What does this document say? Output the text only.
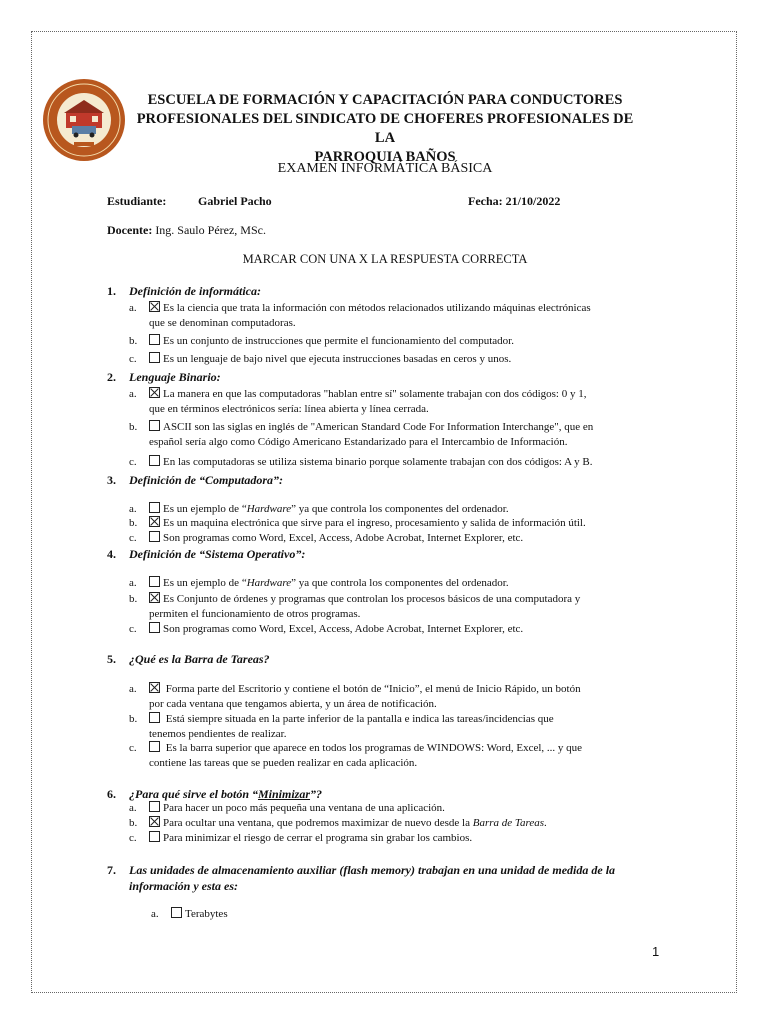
ESCUELA DE FORMACIÓN Y CAPACITACIÓN PARA CONDUCTORES
PROFESIONALES DEL SINDICATO DE CHOFERES PROFESIONALES DE LA
PARROQUIA BAÑOS
EXAMEN INFORMÁTICA BÁSICA
Estudiante:	Gabriel Pacho	Fecha: 21/10/2022
Docente: Ing. Saulo Pérez, MSc.
MARCAR CON UNA X LA RESPUESTA CORRECTA
1. Definición de informática:
a. Es la ciencia que trata la información con métodos relacionados utilizando máquinas electrónicas
que se denominan computadoras.
b. Es un conjunto de instrucciones que permite el funcionamiento del computador.
c. Es un lenguaje de bajo nivel que ejecuta instrucciones basadas en ceros y unos.
2. Lenguaje Binario:
a. La manera en que las computadoras "hablan entre sí" solamente trabajan con dos códigos: 0 y 1,
que en términos electrónicos sería: línea abierta y línea cerrada.
b. ASCII son las siglas en inglés de "American Standard Code For Information Interchange", que en
español sería algo como Código Americano Estandarizado para el Intercambio de Información.
c. En las computadoras se utiliza sistema binario porque solamente trabajan con dos códigos: A y B.
3. Definición de “Computadora”:
a. Es un ejemplo de “Hardware” ya que controla los componentes del ordenador.
b. Es un maquina electrónica que sirve para el ingreso, procesamiento y salida de información útil.
c. Son programas como Word, Excel, Access, Adobe Acrobat, Internet Explorer, etc.
4. Definición de “Sistema Operativo”:
a. Es un ejemplo de “Hardware” ya que controla los componentes del ordenador.
b. Es Conjunto de órdenes y programas que controlan los procesos básicos de una computadora y
permiten el funcionamiento de otros programas.
c. Son programas como Word, Excel, Access, Adobe Acrobat, Internet Explorer, etc.
5. ¿Qué es la Barra de Tareas?
a. Forma parte del Escritorio y contiene el botón de “Inicio”, el menú de Inicio Rápido, un botón
por cada ventana que tengamos abierta, y un área de notificación.
b. Está siempre situada en la parte inferior de la pantalla e indica las tareas/incidencias que
tenemos pendientes de realizar.
c. Es la barra superior que aparece en todos los programas de WINDOWS: Word, Excel, ... y que
contiene las tareas que se pueden realizar en cada aplicación.
6. ¿Para qué sirve el botón “Minimizar”?
a. Para hacer un poco más pequeña una ventana de una aplicación.
b. Para ocultar una ventana, que podremos maximizar de nuevo desde la Barra de Tareas.
c. Para minimizar el riesgo de cerrar el programa sin grabar los cambios.
7. Las unidades de almacenamiento auxiliar (flash memory) trabajan en una unidad de medida de la
información y esta es:
a. Terabytes
1
